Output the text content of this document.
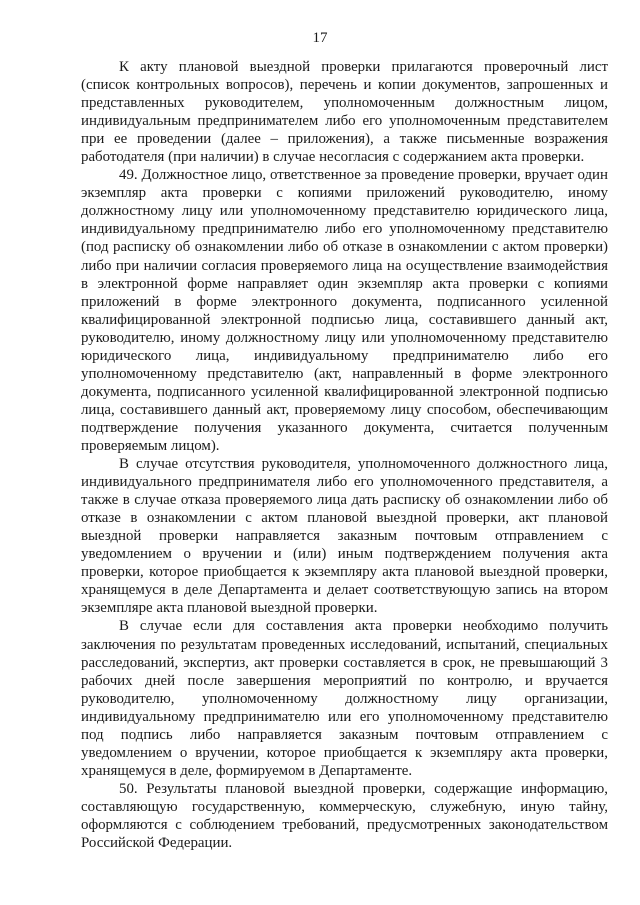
17

К акту плановой выездной проверки прилагаются проверочный лист (список контрольных вопросов), перечень и копии документов, запрошенных и представленных руководителем, уполномоченным должностным лицом, индивидуальным предпринимателем либо его уполномоченным представителем при ее проведении (далее – приложения), а также письменные возражения работодателя (при наличии) в случае несогласия с содержанием акта проверки.

49. Должностное лицо, ответственное за проведение проверки, вручает один экземпляр акта проверки с копиями приложений руководителю, иному должностному лицу или уполномоченному представителю юридического лица, индивидуальному предпринимателю либо его уполномоченному представителю (под расписку об ознакомлении либо об отказе в ознакомлении с актом проверки) либо при наличии согласия проверяемого лица на осуществление взаимодействия в электронной форме направляет один экземпляр акта проверки с копиями приложений в форме электронного документа, подписанного усиленной квалифицированной электронной подписью лица, составившего данный акт, руководителю, иному должностному лицу или уполномоченному представителю юридического лица, индивидуальному предпринимателю либо его уполномоченному представителю (акт, направленный в форме электронного документа, подписанного усиленной квалифицированной электронной подписью лица, составившего данный акт, проверяемому лицу способом, обеспечивающим подтверждение получения указанного документа, считается полученным проверяемым лицом).

В случае отсутствия руководителя, уполномоченного должностного лица, индивидуального предпринимателя либо его уполномоченного представителя, а также в случае отказа проверяемого лица дать расписку об ознакомлении либо об отказе в ознакомлении с актом плановой выездной проверки, акт плановой выездной проверки направляется заказным почтовым отправлением с уведомлением о вручении и (или) иным подтверждением получения акта проверки, которое приобщается к экземпляру акта плановой выездной проверки, хранящемуся в деле Департамента и делает соответствующую запись на втором экземпляре акта плановой выездной проверки.

В случае если для составления акта проверки необходимо получить заключения по результатам проведенных исследований, испытаний, специальных расследований, экспертиз, акт проверки составляется в срок, не превышающий 3 рабочих дней после завершения мероприятий по контролю, и вручается руководителю, уполномоченному должностному лицу организации, индивидуальному предпринимателю или его уполномоченному представителю под подпись либо направляется заказным почтовым отправлением с уведомлением о вручении, которое приобщается к экземпляру акта проверки, хранящемуся в деле, формируемом в Департаменте.

50. Результаты плановой выездной проверки, содержащие информацию, составляющую государственную, коммерческую, служебную, иную тайну, оформляются с соблюдением требований, предусмотренных законодательством Российской Федерации.
